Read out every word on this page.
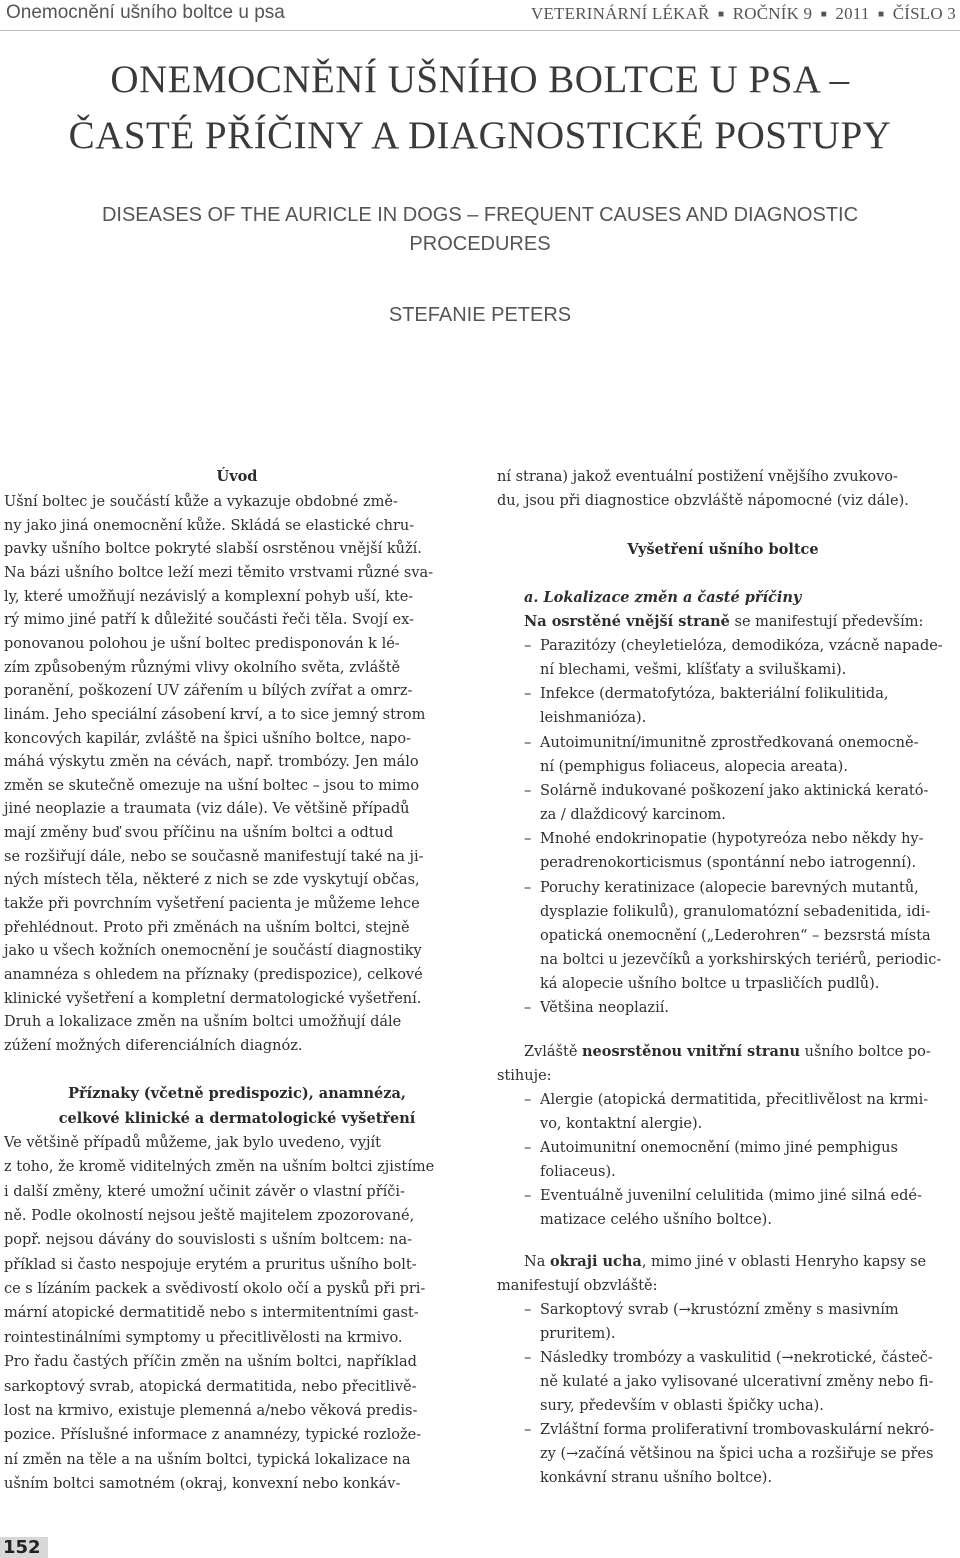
Onemocnění ušního boltce u psa	VETERINÁRNÍ LÉKAŘ ■ ROČNÍK 9 ■ 2011 ■ ČÍSLO 3
ONEMOCNĚNÍ UŠNÍHO BOLTCE U PSA –
ČASTÉ PŘÍČINY A DIAGNOSTICKÉ POSTUPY
DISEASES OF THE AURICLE IN DOGS – FREQUENT CAUSES AND DIAGNOSTIC
PROCEDURES
STEFANIE PETERS
Úvod
Ušní boltec je součástí kůže a vykazuje obdobné změ-
ny jako jiná onemocnění kůže. Skládá se elastické chru-
pavky ušního boltce pokryté slabší osrstěnou vnější kůží.
Na bázi ušního boltce leží mezi těmito vrstvami různé sva-
ly, které umožňují nezávislý a komplexní pohyb uší, kte-
rý mimo jiné patří k důležité součásti řeči těla. Svojí ex-
ponovanou polohou je ušní boltec predisponován k lé-
zím způsobeným různými vlivy okolního světa, zvláště
poranění, poškození UV zářením u bílých zvířat a omrz-
linám. Jeho speciální zásobení krví, a to sice jemný strom
koncových kapilár, zvláště na špici ušního boltce, napo-
máhá výskytu změn na cévách, např. trombózy. Jen málo
změn se skutečně omezuje na ušní boltec – jsou to mimo
jiné neoplazie a traumata (viz dále). Ve většině případů
mají změny buď svou příčinu na ušním boltci a odtud
se rozšiřují dále, nebo se současně manifestují také na ji-
ných místech těla, některé z nich se zde vyskytují občas,
takže při povrchním vyšetření pacienta je můžeme lehce
přehlédnout. Proto při změnách na ušním boltci, stejně
jako u všech kožních onemocnění je součástí diagnostiky
anamnéza s ohledem na příznaky (predispozice), celkové
klinické vyšetření a kompletní dermatologické vyšetření.
Druh a lokalizace změn na ušním boltci umožňují dále
zúžení možných diferenciálních diagnóz.
Příznaky (včetně predispozic), anamnéza,
celkové klinické a dermatologické vyšetření
Ve většině případů můžeme, jak bylo uvedeno, vyjít
z toho, že kromě viditelných změn na ušním boltci zjistíme
i další změny, které umožní učinit závěr o vlastní příči-
ně. Podle okolností nejsou ještě majitelem zpozorované,
popř. nejsou dávány do souvislosti s ušním boltcem: na-
příklad si často nespojuje erytém a pruritus ušního bolt-
ce s lízáním packek a svědivostí okolo očí a pysků při pri-
mární atopické dermatitidě nebo s intermitentními gast-
rointestinálními symptomy u přecitlivělosti na krmivo.
Pro řadu častých příčin změn na ušním boltci, například
sarkoptový svrab, atopická dermatitida, nebo přecitlivě-
lost na krmivo, existuje plemenná a/nebo věková predis-
pozice. Příslušné informace z anamnézy, typické rozlože-
ní změn na těle a na ušním boltci, typická lokalizace na
ušním boltci samotném (okraj, konvexní nebo konkáv-
ní strana) jakož eventuální postižení vnějšího zvukovo-
du, jsou při diagnostice obzvláště nápomocné (viz dále).
Vyšetření ušního boltce
a. Lokalizace změn a časté příčiny
Na osrstěné vnější straně se manifestují především:
– Parazitózy (cheyletielóza, demodikóza, vzácně napade-
ní blechami, vešmi, klíšťaty a sviluškami).
– Infekce (dermatofytóza, bakteriální folikulitida,
leishmanióza).
– Autoimunitní/imunitně zprostředkovaná onemocně-
ní (pemphigus foliaceus, alopecia areata).
– Solárně indukované poškození jako aktinická kerató-
za / dlaždicový karcinom.
– Mnohé endokrinopatie (hypotyreóza nebo někdy hy-
peradrenokorticismus (spontánní nebo iatrogenní).
– Poruchy keratinizace (alopecie barevných mutantů,
dysplazie folikulů), granulomatózní sebadenitida, idi-
opatická onemocnění („Lederohren“ – bezsrstá místa
na boltci u jezevčíků a yorkshirských teriérů, periodic-
ká alopecie ušního boltce u trpasličích pudlů).
– Většina neoplazií.
Zvláště neosrstěnou vnitřní stranu ušního boltce po-
stihuje:
– Alergie (atopická dermatitida, přecitlivělost na krmi-
vo, kontaktní alergie).
– Autoimunitní onemocnění (mimo jiné pemphigus
foliaceus).
– Eventuálně juvenilní celulitida (mimo jiné silná edé-
matizace celého ušního boltce).
Na okraji ucha, mimo jiné v oblasti Henryho kapsy se
manifestují obzvláště:
– Sarkoptový svrab (→krustózní změny s masivním
pruritem).
– Následky trombózy a vaskulitid (→nekrotické, částeč-
ně kulaté a jako vylisované ulcerativní změny nebo fi-
sury, především v oblasti špičky ucha).
– Zvláštní forma proliferativní trombovaskulární nekró-
zy (→začíná většinou na špici ucha a rozšiřuje se přes
konkávní stranu ušního boltce).
152
